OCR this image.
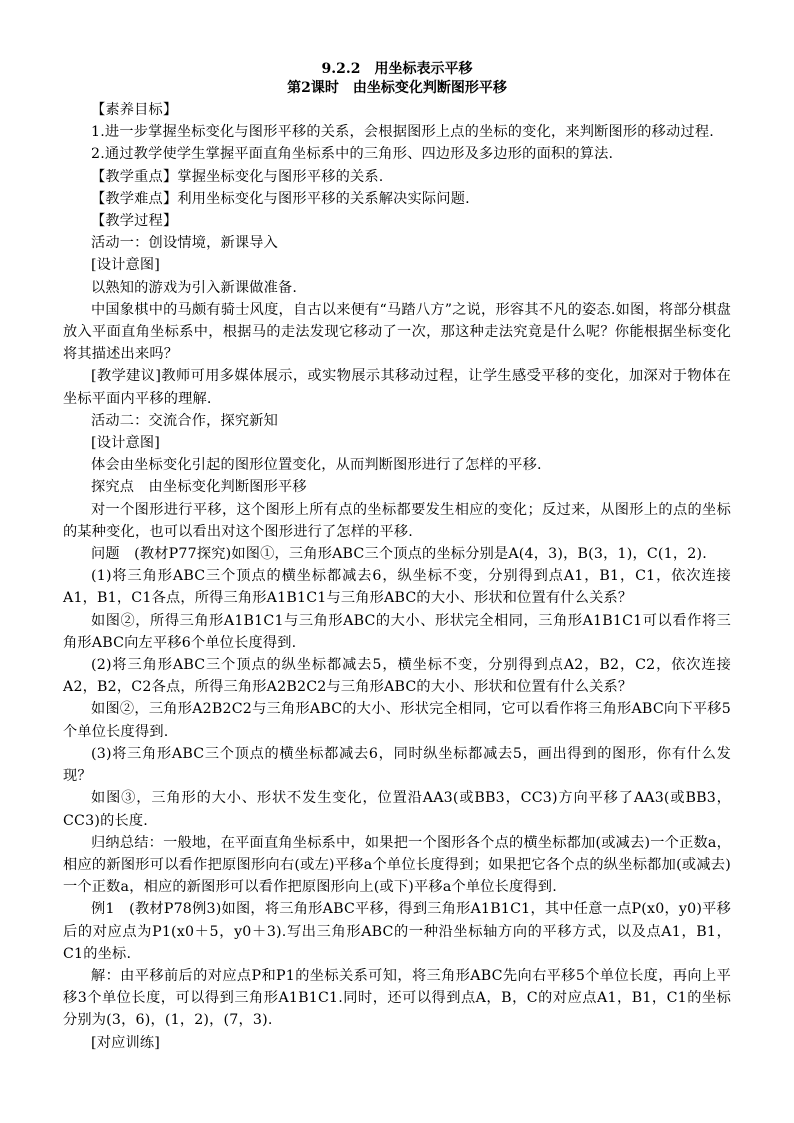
9.2.2　用坐标表示平移
第2课时　由坐标变化判断图形平移

【素养目标】

1.进一步掌握坐标变化与图形平移的关系，会根据图形上点的坐标的变化，来判断图形的移动过程.

2.通过教学使学生掌握平面直角坐标系中的三角形、四边形及多边形的面积的算法.

【教学重点】掌握坐标变化与图形平移的关系.

【教学难点】利用坐标变化与图形平移的关系解决实际问题.

【教学过程】

活动一：创设情境，新课导入

[设计意图]

以熟知的游戏为引入新课做准备.

中国象棋中的马颇有骑士风度，自古以来便有“马踏八方”之说，形容其不凡的姿态.如图，将部分棋盘放入平面直角坐标系中，根据马的走法发现它移动了一次，那这种走法究竟是什么呢？你能根据坐标变化将其描述出来吗？

[教学建议]教师可用多媒体展示，或实物展示其移动过程，让学生感受平移的变化，加深对于物体在坐标平面内平移的理解.

活动二：交流合作，探究新知

[设计意图]

体会由坐标变化引起的图形位置变化，从而判断图形进行了怎样的平移.

探究点　由坐标变化判断图形平移

对一个图形进行平移，这个图形上所有点的坐标都要发生相应的变化；反过来，从图形上的点的坐标的某种变化，也可以看出对这个图形进行了怎样的平移.

问题　(教材P77探究)如图①，三角形ABC三个顶点的坐标分别是A(4，3)，B(3，1)，C(1，2).

(1)将三角形ABC三个顶点的横坐标都减去6，纵坐标不变，分别得到点A1，B1，C1，依次连接A1，B1，C1各点，所得三角形A1B1C1与三角形ABC的大小、形状和位置有什么关系？

如图②，所得三角形A1B1C1与三角形ABC的大小、形状完全相同，三角形A1B1C1可以看作将三角形ABC向左平移6个单位长度得到.

(2)将三角形ABC三个顶点的纵坐标都减去5，横坐标不变，分别得到点A2，B2，C2，依次连接A2，B2，C2各点，所得三角形A2B2C2与三角形ABC的大小、形状和位置有什么关系？

如图②，三角形A2B2C2与三角形ABC的大小、形状完全相同，它可以看作将三角形ABC向下平移5个单位长度得到.

(3)将三角形ABC三个顶点的横坐标都减去6，同时纵坐标都减去5，画出得到的图形，你有什么发现？

如图③，三角形的大小、形状不发生变化，位置沿AA3(或BB3，CC3)方向平移了AA3(或BB3，CC3)的长度.

归纳总结：一般地，在平面直角坐标系中，如果把一个图形各个点的横坐标都加(或减去)一个正数a，相应的新图形可以看作把原图形向右(或左)平移a个单位长度得到；如果把它各个点的纵坐标都加(或减去)一个正数a，相应的新图形可以看作把原图形向上(或下)平移a个单位长度得到.

例1　(教材P78例3)如图，将三角形ABC平移，得到三角形A1B1C1，其中任意一点P(x0，y0)平移后的对应点为P1(x0＋5，y0＋3).写出三角形ABC的一种沿坐标轴方向的平移方式，以及点A1，B1，C1的坐标.

解：由平移前后的对应点P和P1的坐标关系可知，将三角形ABC先向右平移5个单位长度，再向上平移3个单位长度，可以得到三角形A1B1C1.同时，还可以得到点A，B，C的对应点A1，B1，C1的坐标分别为(3，6)，(1，2)，(7，3).

[对应训练]
